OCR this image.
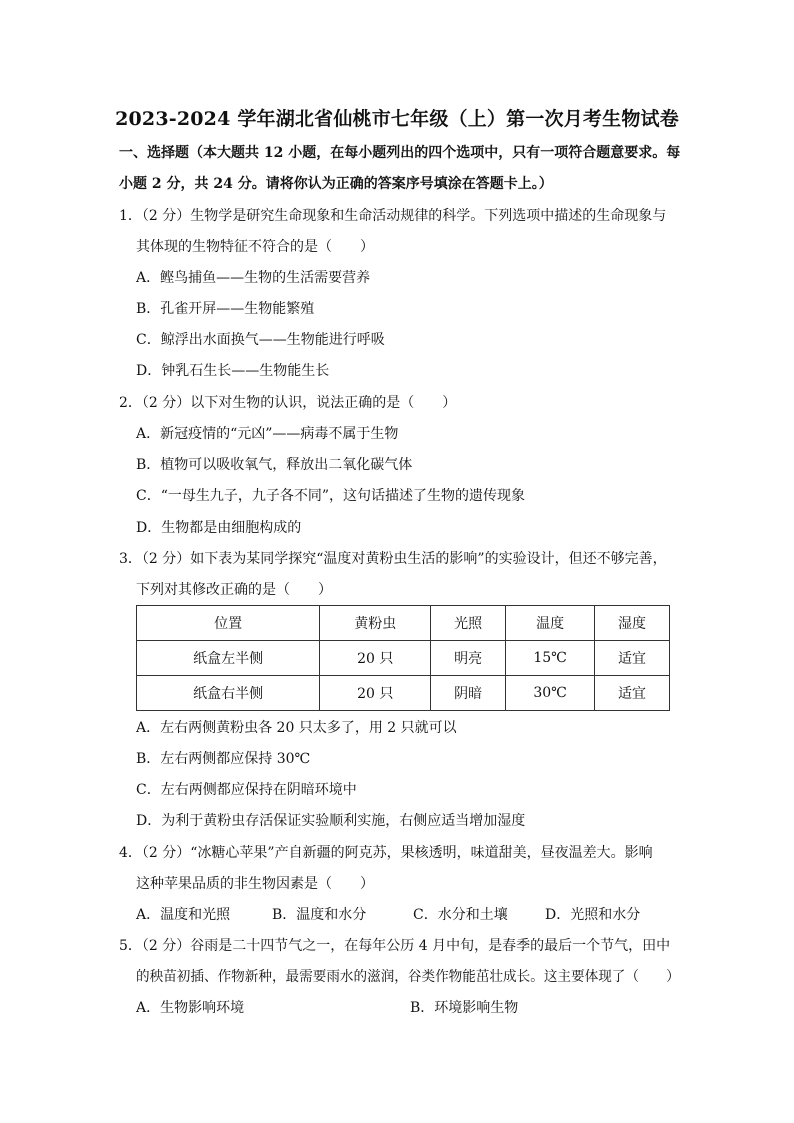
2023-2024 学年湖北省仙桃市七年级（上）第一次月考生物试卷
一、选择题（本大题共 12 小题，在每小题列出的四个选项中，只有一项符合题意要求。每
小题 2 分，共 24 分。请将你认为正确的答案序号填涂在答题卡上。）
1．（2 分）生物学是研究生命现象和生命活动规律的科学。下列选项中描述的生命现象与
其体现的生物特征不符合的是（　　）
A．鲣鸟捕鱼——生物的生活需要营养
B．孔雀开屏——生物能繁殖
C．鲸浮出水面换气——生物能进行呼吸
D．钟乳石生长——生物能生长
2．（2 分）以下对生物的认识，说法正确的是（　　）
A．新冠疫情的“元凶”——病毒不属于生物
B．植物可以吸收氧气，释放出二氧化碳气体
C．“一母生九子，九子各不同”，这句话描述了生物的遗传现象
D．生物都是由细胞构成的
3．（2 分）如下表为某同学探究“温度对黄粉虫生活的影响”的实验设计，但还不够完善，
下列对其修改正确的是（　　）
位置	黄粉虫	光照	温度	湿度
纸盒左半侧	20 只	明亮	15℃	适宜
纸盒右半侧	20 只	阴暗	30℃	适宜
A．左右两侧黄粉虫各 20 只太多了，用 2 只就可以
B．左右两侧都应保持 30℃
C．左右两侧都应保持在阴暗环境中
D．为利于黄粉虫存活保证实验顺利实施，右侧应适当增加湿度
4．（2 分）“冰糖心苹果”产自新疆的阿克苏，果核透明，味道甜美，昼夜温差大。影响
这种苹果品质的非生物因素是（　　）
A．温度和光照	B．温度和水分	C．水分和土壤	D．光照和水分
5．（2 分）谷雨是二十四节气之一，在每年公历 4 月中旬，是春季的最后一个节气，田中
的秧苗初插、作物新种，最需要雨水的滋润，谷类作物能茁壮成长。这主要体现了（　　）
A．生物影响环境	B．环境影响生物
